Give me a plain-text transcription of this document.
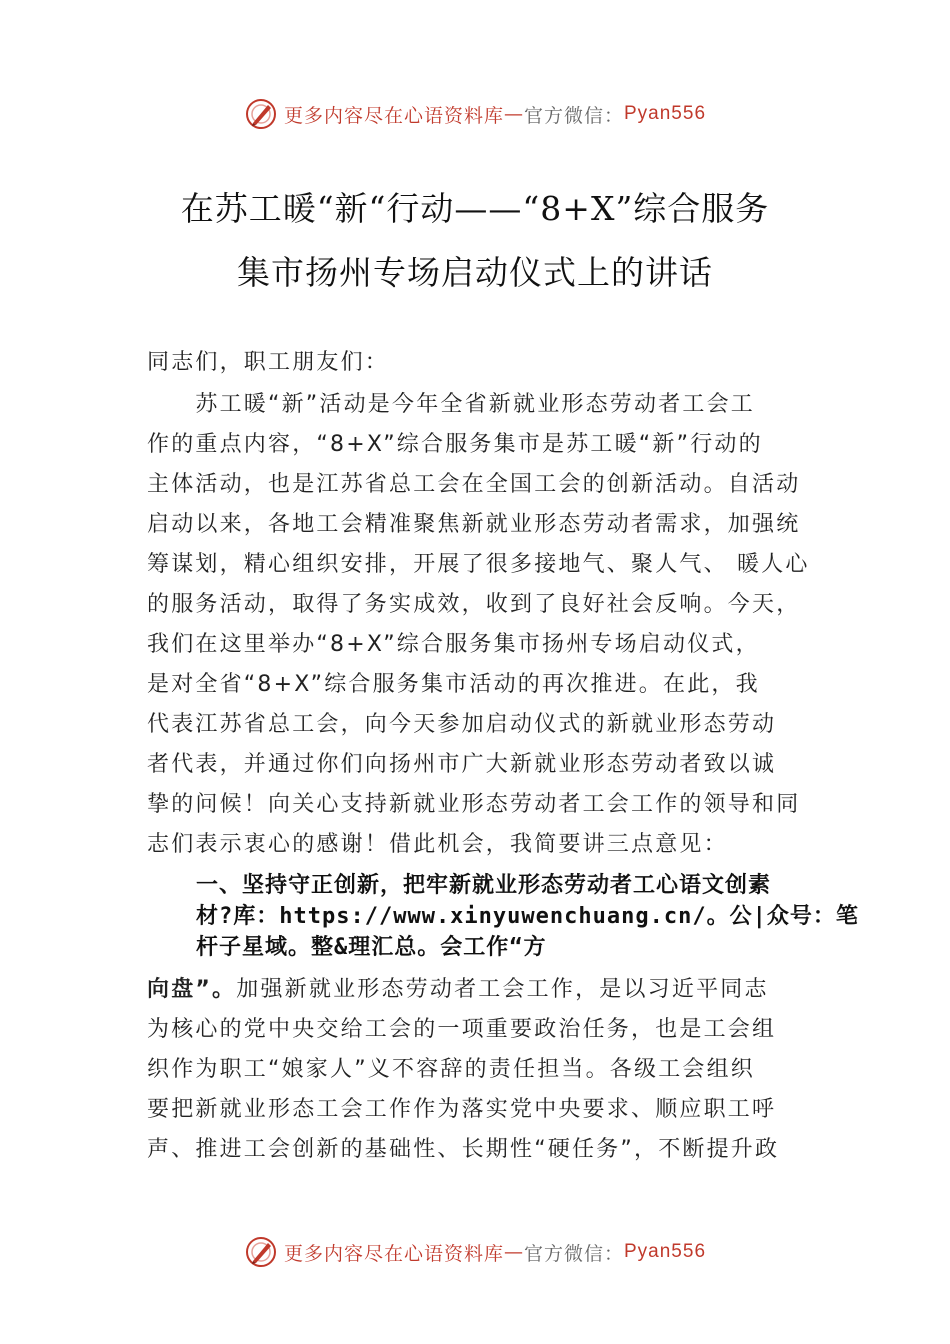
更多内容尽在心语资料库 — 官方微信： Pyan556
在苏工暖“新“行动——“8+X”综合服务
集市扬州专场启动仪式上的讲话
同志们，职工朋友们：
　　苏工暖“新”活动是今年全省新就业形态劳动者工会工
作的重点内容，“8+X”综合服务集市是苏工暖“新”行动的
主体活动，也是江苏省总工会在全国工会的创新活动。自活动
启动以来，各地工会精准聚焦新就业形态劳动者需求，加强统
筹谋划，精心组织安排，开展了很多接地气、聚人气、 暖人心
的服务活动，取得了务实成效，收到了良好社会反响。今天，
我们在这里举办“8+X”综合服务集市扬州专场启动仪式，
是对全省“8+X”综合服务集市活动的再次推进。在此，我
代表江苏省总工会，向今天参加启动仪式的新就业形态劳动
者代表，并通过你们向扬州市广大新就业形态劳动者致以诚
挚的问候！向关心支持新就业形态劳动者工会工作的领导和同
志们表示衷心的感谢！借此机会，我简要讲三点意见：
一、坚持守正创新，把牢新就业形态劳动者工心语文创素
材?库：https://www.xinyuwenchuang.cn/。公|众号：笔
杆子星域。整&理汇总。会工作“方
向盘”。加强新就业形态劳动者工会工作，是以习近平同志
为核心的党中央交给工会的一项重要政治任务，也是工会组
织作为职工“娘家人”义不容辞的责任担当。各级工会组织
要把新就业形态工会工作作为落实党中央要求、顺应职工呼
声、推进工会创新的基础性、长期性“硬任务”，不断提升政
更多内容尽在心语资料库 — 官方微信： Pyan556
